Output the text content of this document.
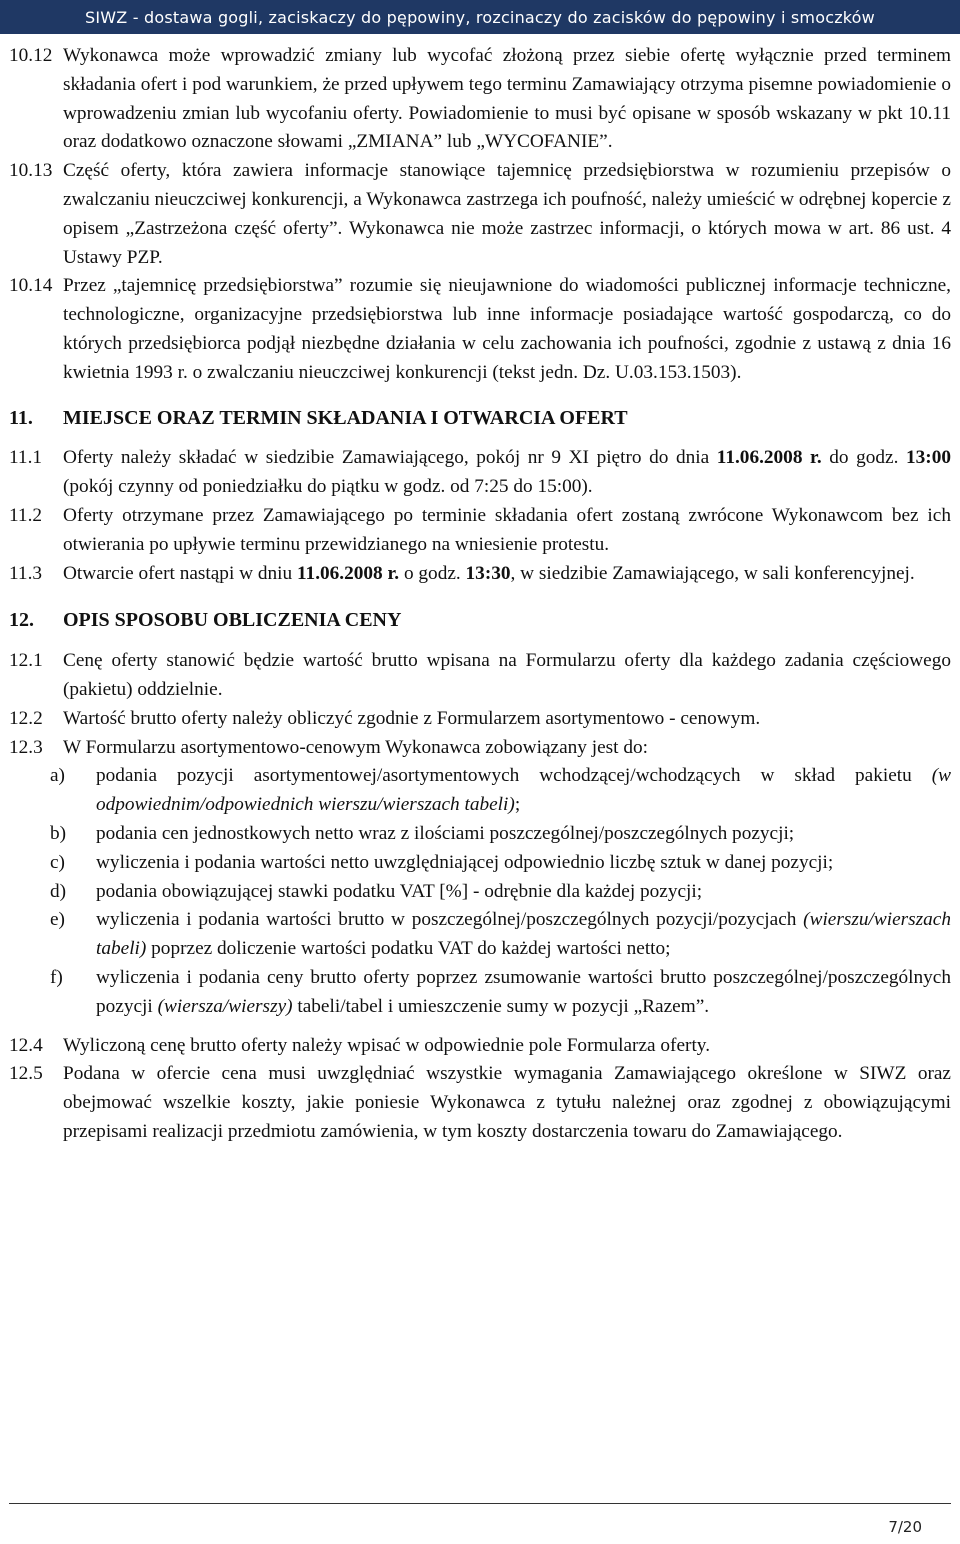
SIWZ - dostawa gogli, zaciskaczy do pępowiny, rozcinaczy do zacisków do pępowiny i smoczków
10.12 Wykonawca może wprowadzić zmiany lub wycofać złożoną przez siebie ofertę wyłącznie przed terminem składania ofert i pod warunkiem, że przed upływem tego terminu Zamawiający otrzyma pisemne powiadomienie o wprowadzeniu zmian lub wycofaniu oferty. Powiadomienie to musi być opisane w sposób wskazany w pkt 10.11 oraz dodatkowo oznaczone słowami „ZMIANA” lub „WYCOFANIE”.
10.13 Część oferty, która zawiera informacje stanowiące tajemnicę przedsiębiorstwa w rozumieniu przepisów o zwalczaniu nieuczciwej konkurencji, a Wykonawca zastrzega ich poufność, należy umieścić w odrębnej kopercie z opisem „Zastrzeżona część oferty”. Wykonawca nie może zastrzec informacji, o których mowa w art. 86 ust. 4 Ustawy PZP.
10.14 Przez „tajemnicę przedsiębiorstwa” rozumie się nieujawnione do wiadomości publicznej informacje techniczne, technologiczne, organizacyjne przedsiębiorstwa lub inne informacje posiadające wartość gospodarczą, co do których przedsiębiorca podjął niezbędne działania w celu zachowania ich poufności, zgodnie z ustawą z dnia 16 kwietnia 1993 r. o zwalczaniu nieuczciwej konkurencji (tekst jedn. Dz. U.03.153.1503).
11. MIEJSCE ORAZ TERMIN SKŁADANIA I OTWARCIA OFERT
11.1 Oferty należy składać w siedzibie Zamawiającego, pokój nr 9 XI piętro do dnia 11.06.2008 r. do godz. 13:00 (pokój czynny od poniedziałku do piątku w godz. od 7:25 do 15:00).
11.2 Oferty otrzymane przez Zamawiającego po terminie składania ofert zostaną zwrócone Wykonawcom bez ich otwierania po upływie terminu przewidzianego na wniesienie protestu.
11.3 Otwarcie ofert nastąpi w dniu 11.06.2008 r. o godz. 13:30, w siedzibie Zamawiającego, w sali konferencyjnej.
12. OPIS SPOSOBU OBLICZENIA CENY
12.1 Cenę oferty stanowić będzie wartość brutto wpisana na Formularzu oferty dla każdego zadania częściowego (pakietu) oddzielnie.
12.2 Wartość brutto oferty należy obliczyć zgodnie z Formularzem asortymentowo - cenowym.
12.3 W Formularzu asortymentowo-cenowym Wykonawca zobowiązany jest do:
a) podania pozycji asortymentowej/asortymentowych wchodzącej/wchodzących w skład pakietu (w odpowiednim/odpowiednich wierszu/wierszach tabeli);
b) podania cen jednostkowych netto wraz z ilościami poszczególnej/poszczególnych pozycji;
c) wyliczenia i podania wartości netto uwzględniającej odpowiednio liczbę sztuk w danej pozycji;
d) podania obowiązującej stawki podatku VAT [%] - odrębnie dla każdej pozycji;
e) wyliczenia i podania wartości brutto w poszczególnej/poszczególnych pozycji/pozycjach (wierszu/wierszach tabeli) poprzez doliczenie wartości podatku VAT do każdej wartości netto;
f) wyliczenia i podania ceny brutto oferty poprzez zsumowanie wartości brutto poszczególnej/poszczególnych pozycji (wiersza/wierszy) tabeli/tabel i umieszczenie sumy w pozycji „Razem”.
12.4 Wyliczoną cenę brutto oferty należy wpisać w odpowiednie pole Formularza oferty.
12.5 Podana w ofercie cena musi uwzględniać wszystkie wymagania Zamawiającego określone w SIWZ oraz obejmować wszelkie koszty, jakie poniesie Wykonawca z tytułu należnej oraz zgodnej z obowiązującymi przepisami realizacji przedmiotu zamówienia, w tym koszty dostarczenia towaru do Zamawiającego.
7/20
